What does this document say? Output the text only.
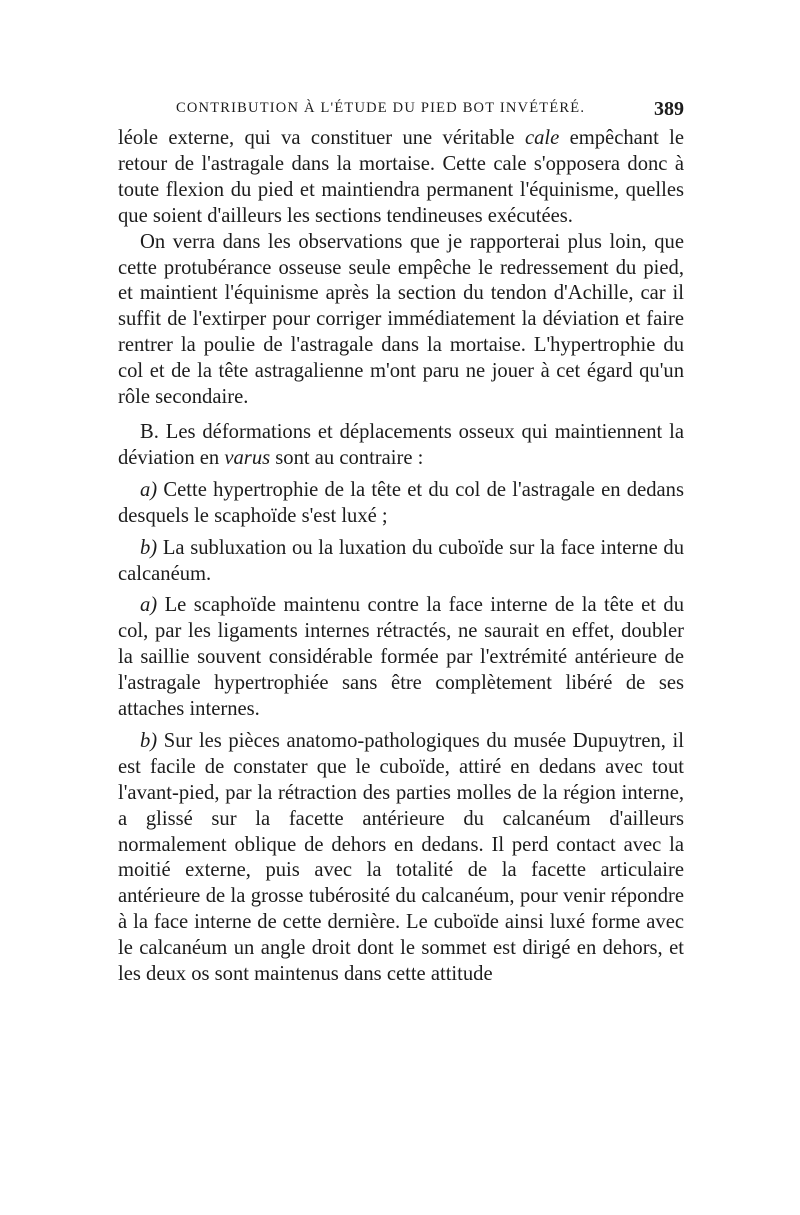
CONTRIBUTION À L'ÉTUDE DU PIED BOT INVÉTÉRÉ.	389

léole externe, qui va constituer une véritable cale empêchant le retour de l'astragale dans la mortaise. Cette cale s'opposera donc à toute flexion du pied et maintiendra permanent l'équinisme, quelles que soient d'ailleurs les sections tendineuses exécutées.

On verra dans les observations que je rapporterai plus loin, que cette protubérance osseuse seule empêche le redressement du pied, et maintient l'équinisme après la section du tendon d'Achille, car il suffit de l'extirper pour corriger immédiatement la déviation et faire rentrer la poulie de l'astragale dans la mortaise. L'hypertrophie du col et de la tête astragalienne m'ont paru ne jouer à cet égard qu'un rôle secondaire.

B. Les déformations et déplacements osseux qui maintiennent la déviation en varus sont au contraire :

a) Cette hypertrophie de la tête et du col de l'astragale en dedans desquels le scaphoïde s'est luxé ;

b) La subluxation ou la luxation du cuboïde sur la face interne du calcanéum.

a) Le scaphoïde maintenu contre la face interne de la tête et du col, par les ligaments internes rétractés, ne saurait en effet, doubler la saillie souvent considérable formée par l'extrémité antérieure de l'astragale hypertrophiée sans être complètement libéré de ses attaches internes.

b) Sur les pièces anatomo-pathologiques du musée Dupuytren, il est facile de constater que le cuboïde, attiré en dedans avec tout l'avant-pied, par la rétraction des parties molles de la région interne, a glissé sur la facette antérieure du calcanéum d'ailleurs normalement oblique de dehors en dedans. Il perd contact avec la moitié externe, puis avec la totalité de la facette articulaire antérieure de la grosse tubérosité du calcanéum, pour venir répondre à la face interne de cette dernière. Le cuboïde ainsi luxé forme avec le calcanéum un angle droit dont le sommet est dirigé en dehors, et les deux os sont maintenus dans cette attitude
